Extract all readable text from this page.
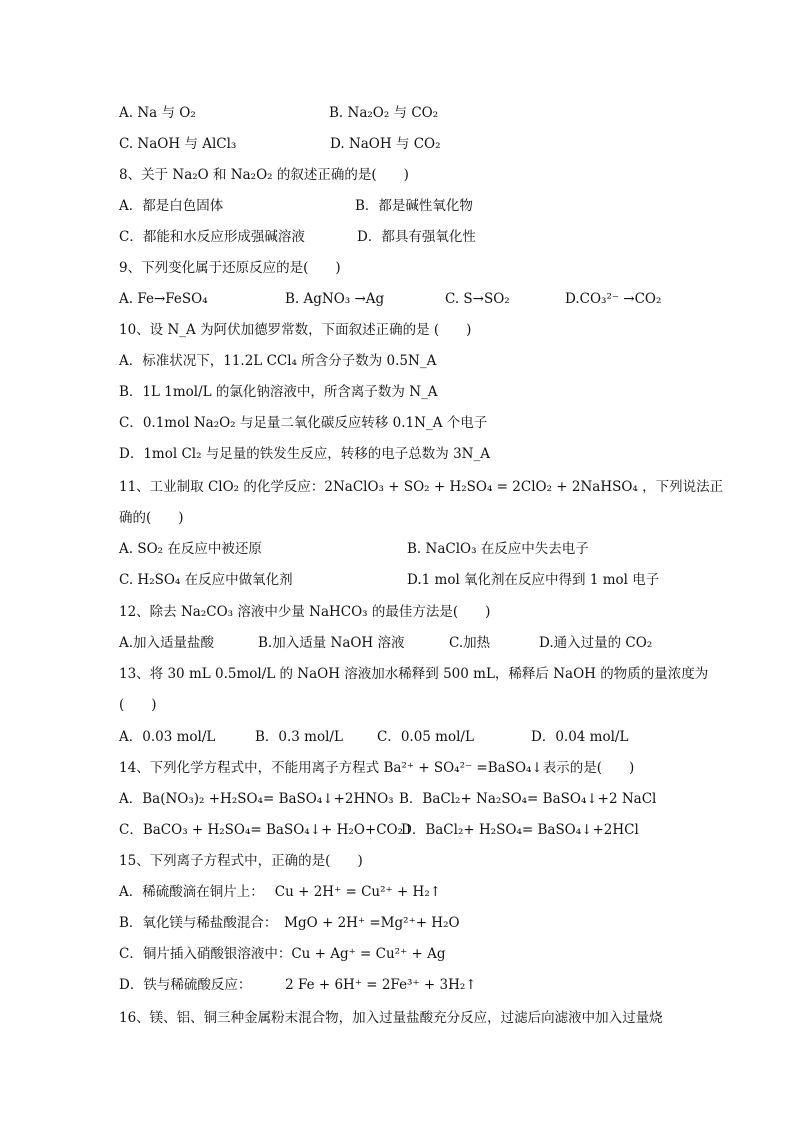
A. Na 与 O₂	B. Na₂O₂ 与 CO₂
C. NaOH 与 AlCl₃	D. NaOH 与 CO₂
8、关于 Na₂O 和 Na₂O₂ 的叙述正确的是(　　)
A．都是白色固体	B．都是碱性氧化物
C．都能和水反应形成强碱溶液	D．都具有强氧化性
9、下列变化属于还原反应的是(　　)
A. Fe→FeSO₄	B. AgNO₃ →Ag	C. S→SO₂	D.CO₃²⁻ →CO₂
10、设 N_A 为阿伏加德罗常数，下面叙述正确的是 (　　)
A．标准状况下，11.2L CCl₄ 所含分子数为 0.5N_A
B．1L 1mol/L 的氯化钠溶液中，所含离子数为 N_A
C．0.1mol Na₂O₂ 与足量二氧化碳反应转移 0.1N_A 个电子
D．1mol Cl₂ 与足量的铁发生反应，转移的电子总数为 3N_A
11、工业制取 ClO₂ 的化学反应：2NaClO₃ + SO₂ + H₂SO₄ = 2ClO₂ + 2NaHSO₄ ，下列说法正
确的(　　)
A. SO₂ 在反应中被还原	B. NaClO₃ 在反应中失去电子
C. H₂SO₄ 在反应中做氧化剂	D.1 mol 氧化剂在反应中得到 1 mol 电子
12、除去 Na₂CO₃ 溶液中少量 NaHCO₃ 的最佳方法是(　　)
A.加入适量盐酸	B.加入适量 NaOH 溶液	C.加热	D.通入过量的 CO₂
13、将 30 mL 0.5mol/L 的 NaOH 溶液加水稀释到 500 mL，稀释后 NaOH 的物质的量浓度为
(　　)
A．0.03 mol/L	B．0.3 mol/L	C．0.05 mol/L	D．0.04 mol/L
14、下列化学方程式中，不能用离子方程式 Ba²⁺ + SO₄²⁻ =BaSO₄↓表示的是(　　)
A．Ba(NO₃)₂ +H₂SO₄= BaSO₄↓+2HNO₃ B．BaCl₂+ Na₂SO₄= BaSO₄↓+2 NaCl
C．BaCO₃ + H₂SO₄= BaSO₄↓+ H₂O+CO₂↑
D．BaCl₂+ H₂SO₄= BaSO₄↓+2HCl
15、下列离子方程式中，正确的是(　　)
A．稀硫酸滴在铜片上：　 Cu + 2H⁺ = Cu²⁺ + H₂↑
B．氧化镁与稀盐酸混合：　MgO + 2H⁺ =Mg²⁺+ H₂O
C．铜片插入硝酸银溶液中：Cu + Ag⁺ = Cu²⁺ + Ag
D．铁与稀硫酸反应：　　　2 Fe + 6H⁺ = 2Fe³⁺ + 3H₂↑
16、镁、铝、铜三种金属粉末混合物，加入过量盐酸充分反应，过滤后向滤液中加入过量烧
